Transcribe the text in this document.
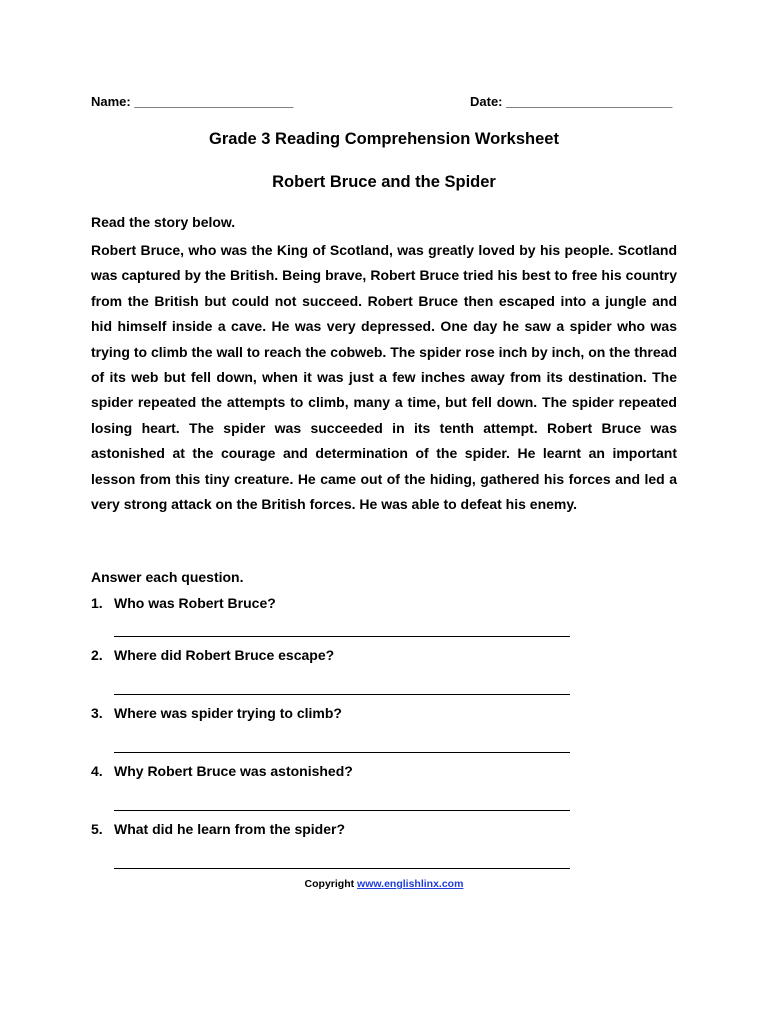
Name: ______________________	Date: _______________________
Grade 3 Reading Comprehension Worksheet
Robert Bruce and the Spider
Read the story below.
Robert Bruce, who was the King of Scotland, was greatly loved by his people. Scotland was captured by the British. Being brave, Robert Bruce tried his best to free his country from the British but could not succeed. Robert Bruce then escaped into a jungle and hid himself inside a cave. He was very depressed. One day he saw a spider who was trying to climb the wall to reach the cobweb. The spider rose inch by inch, on the thread of its web but fell down, when it was just a few inches away from its destination. The spider repeated the attempts to climb, many a time, but fell down. The spider repeated losing heart. The spider was succeeded in its tenth attempt. Robert Bruce was astonished at the courage and determination of the spider. He learnt an important lesson from this tiny creature. He came out of the hiding, gathered his forces and led a very strong attack on the British forces. He was able to defeat his enemy.
Answer each question.
1. Who was Robert Bruce?
2. Where did Robert Bruce escape?
3. Where was spider trying to climb?
4. Why Robert Bruce was astonished?
5. What did he learn from the spider?
Copyright www.englishlinx.com
